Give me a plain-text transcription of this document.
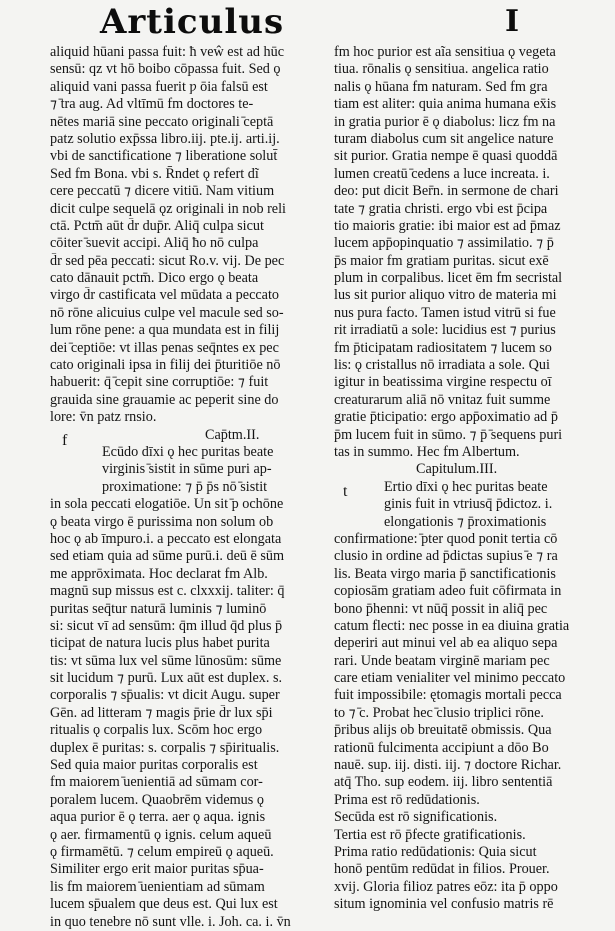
Articulus	I
aliquid hūani passa fuit: ħ veŵ est ad hūc
sensū: qz vt hō boibo cōpassa fuit. Sed ǫ
aliquid vani passa fuerit ƿ ōia falsū est
⁊ ̄tra aug. Ad vltīmū f̄m doctores te-
nētes mariā sine peccato originali ̄ceptā
patz solutio exp̄ssa libro.iij. pte.ij. arti.ij.
vbi de sanctificatione ⁊ liberatione solut̄
Sed f̄m Bona. vbi s. R̄ndet ǫ refert dĩ
cere peccatū ⁊ dicere vitiū. Nam vitium
dicit culpe sequelā ǫz originali in nob reli
ctā. Pctm̄ aūt d̄r dup̄r. Aliq̄ culpa sicut
cōiter ̄suevit accipi. Aliq̄ ħo nō culpa
d̄r sed pēa peccati: sicut Ro.v. vij. De pec
cato dānauit pctm̄. Dico ergo ǫ beata
virgo d̄r castificata vel mūdata a peccato
nō rōne alicuius culpe vel macule sed so-
lum rōne pene: a qua mundata est in filij
dei ̄ceptiōe: vt illas penas seq̄ntes ex pec
cato originali ipsa in filij dei p̄turitiōe nō
habuerit: q̄ ̄cepit sine corruptiōe: ⁊ fuit
grauida sine grauamie ac peperit sine do
lore: v̄n patz rnsio.
Cap̄tm.II.
Ecūdo dīxi ǫ hec puritas beate
virginis ̄sistit in sūme puri ap-
proximatione: ⁊ p̄ p̄s nō ̄sistit
in sola peccati elogatiōe. Un sit ̄p ochōne
ǫ beata virgo ē purissima non solum ob
hoc ǫ ab īmpuro.i. a peccato est elongata
sed etiam quia ad sūme purū.i. deū ē sūm
me apprōximata. Hoc declarat f̄m Alb.
magnū sup missus est c. clxxxij. taliter: q̄
puritas seq̄tur naturā luminis ⁊ luminō
si: sicut vī ad sensūm: q̄m illud q̄d plus p̄
ticipat de natura lucis plus habet purita
tis: vt sūma lux vel sūme lūnosūm: sūme
sit lucidum ⁊ purū. Lux aūt est duplex. s.
corporalis ⁊ sp̄ualis: vt dicit Augu. super
Gēn. ad litteram ⁊ magis p̄rie d̄r lux sp̄i
ritualis ǫ corpalis lux. Scōm hoc ergo
duplex ē puritas: s. corpalis ⁊ sp̄iritualis.
Sed quia maior puritas corporalis est
f̄m maiorem ̄uenientiā ad sūmam cor-
poralem lucem. Quaobrēm videmus ǫ
aqua purior ē ǫ terra. aer ǫ aqua. ignis
ǫ aer. firmamentū ǫ ignis. celum aqueū
ǫ firmamētū. ⁊ celum empireū ǫ aqueū.
Similiter ergo erit maior puritas sp̄ua-
lis f̄m maiorem ̄uenientiam ad sūmam
lucem sp̄ualem que deus est. Qui lux est
in quo tenebre nō sunt vlle. i. Joh. ca. i. v̄n
f̄m hoc purior est aĩa sensitiua ǫ vegeta
tiua. rōnalis ǫ sensitiua. angelica ratio
nalis ǫ hūana f̄m naturam. Sed f̄m gra
tiam est aliter: quia anima humana ex̄is
in gratia purior ē ǫ diabolus: licz f̄m na
turam diabolus cum sit angelice nature
sit purior. Gratia nempe ē quasi quoddā
lumen creatū ̄cedens a luce increata. i.
deo: put dicit Ber̄n. in sermone de chari
tate ⁊ gratia christi. ergo vbi est p̄cipa
tio maioris gratie: ibi maior est ad p̄maz
lucem app̄opinquatio ⁊ assimilatio. ⁊ p̄
p̄s maior f̄m gratiam puritas. sicut exē
plum in corpalibus. licet ēm f̄m secristal
lus sit purior aliquo vitro de materia mi
nus pura facto. Tamen istud vitrū si fue
rit irradiatū a sole: lucidius est ⁊ purius
f̄m p̄ticipatam radiositatem ⁊ lucem so
lis: ǫ cristallus nō irradiata a sole. Qui
igitur in beatissima virgine respectu oī
creaturarum aliā nō vnitaz fuit summe
gratie p̄ticipatio: ergo app̄oximatio ad p̄
p̄m lucem fuit in sūmo. ⁊ p̄ ̄sequens puri
tas in summo. Hec f̄m Albertum.
Capitulum.III.
Ertio dīxi ǫ hec puritas beate
ginis fuit in vtriusq̄ p̄dictoz. i.
elongationis ⁊ p̄roximationis
confirmatione: ̄pter quod ponit tertia cō
clusio in ordine ad p̄dictas supius ̄e ⁊ ra
lis. Beata virgo maria p̄ sanctificationis
copiosām gratiam adeo fuit cōfirmata in
bono p̄henni: vt nūq̄ possit in aliq̄ pec
catum flecti: nec posse in ea diuina gratia
deperiri aut minui vel ab ea aliquo sepa
rari. Unde beatam virginē mariam pec
care etiam venialiter vel minimo peccato
fuit impossibile: ętomagis mortali pecca
to ⁊ ̄c. Probat hec ̄clusio triplici rōne.
p̄ribus alijs ob breuitatē obmissis. Qua
rationū fulcimenta accipiunt a dōo Bo
nauē. sup. iij. disti. iij. ⁊ doctore Richar.
atq̄ Tho. sup eodem. iij. libro sententiā
Prima est rō redūdationis.
Secūda est rō significationis.
Tertia est rō p̄fecte gratificationis.
Prima ratio redūdationis: Quia sicut
honō pentūm redūdat in filios. Prouer.
xvij. Gloria filioz patres eōz: ita p̄ oppo
situm ignominia vel confusio matris rē
f
t
